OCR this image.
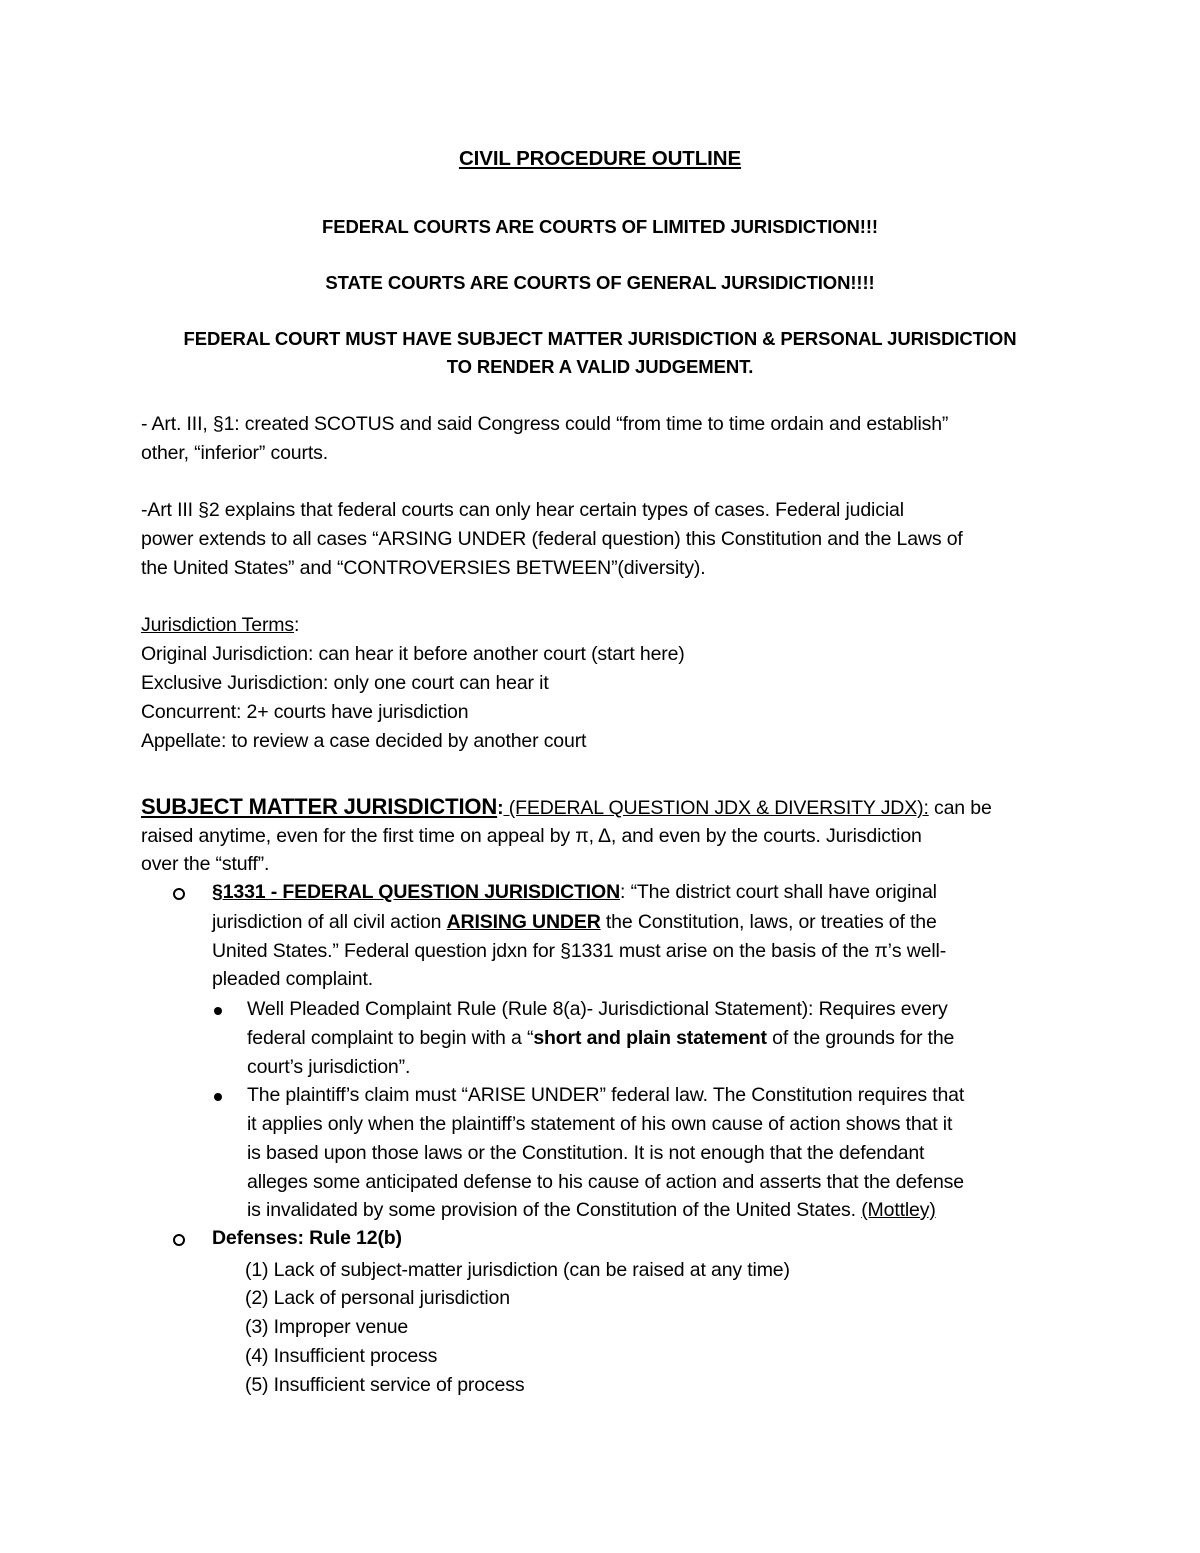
CIVIL PROCEDURE OUTLINE
FEDERAL COURTS ARE COURTS OF LIMITED JURISDICTION!!!
STATE COURTS ARE COURTS OF GENERAL JURSIDICTION!!!!
FEDERAL COURT MUST HAVE SUBJECT MATTER JURISDICTION & PERSONAL JURISDICTION
TO RENDER A VALID JUDGEMENT.
- Art. III, §1: created SCOTUS and said Congress could “from time to time ordain and establish”
other, “inferior” courts.
-Art III §2 explains that federal courts can only hear certain types of cases. Federal judicial
power extends to all cases “ARSING UNDER (federal question) this Constitution and the Laws of
the United States” and “CONTROVERSIES BETWEEN”(diversity).
Jurisdiction Terms:
Original Jurisdiction: can hear it before another court (start here)
Exclusive Jurisdiction: only one court can hear it
Concurrent: 2+ courts have jurisdiction
Appellate: to review a case decided by another court
SUBJECT MATTER JURISDICTION: (FEDERAL QUESTION JDX & DIVERSITY JDX): can be
raised anytime, even for the first time on appeal by π, Δ, and even by the courts. Jurisdiction
over the “stuff”.
§1331 - FEDERAL QUESTION JURISDICTION: “The district court shall have original
jurisdiction of all civil action ARISING UNDER the Constitution, laws, or treaties of the
United States.” Federal question jdxn for §1331 must arise on the basis of the π’s well-
pleaded complaint.
Well Pleaded Complaint Rule (Rule 8(a)- Jurisdictional Statement): Requires every
federal complaint to begin with a “short and plain statement of the grounds for the
court’s jurisdiction”.
The plaintiff’s claim must “ARISE UNDER” federal law. The Constitution requires that
it applies only when the plaintiff’s statement of his own cause of action shows that it
is based upon those laws or the Constitution. It is not enough that the defendant
alleges some anticipated defense to his cause of action and asserts that the defense
is invalidated by some provision of the Constitution of the United States. (Mottley)
Defenses: Rule 12(b)
(1) Lack of subject-matter jurisdiction (can be raised at any time)
(2) Lack of personal jurisdiction
(3) Improper venue
(4) Insufficient process
(5) Insufficient service of process
